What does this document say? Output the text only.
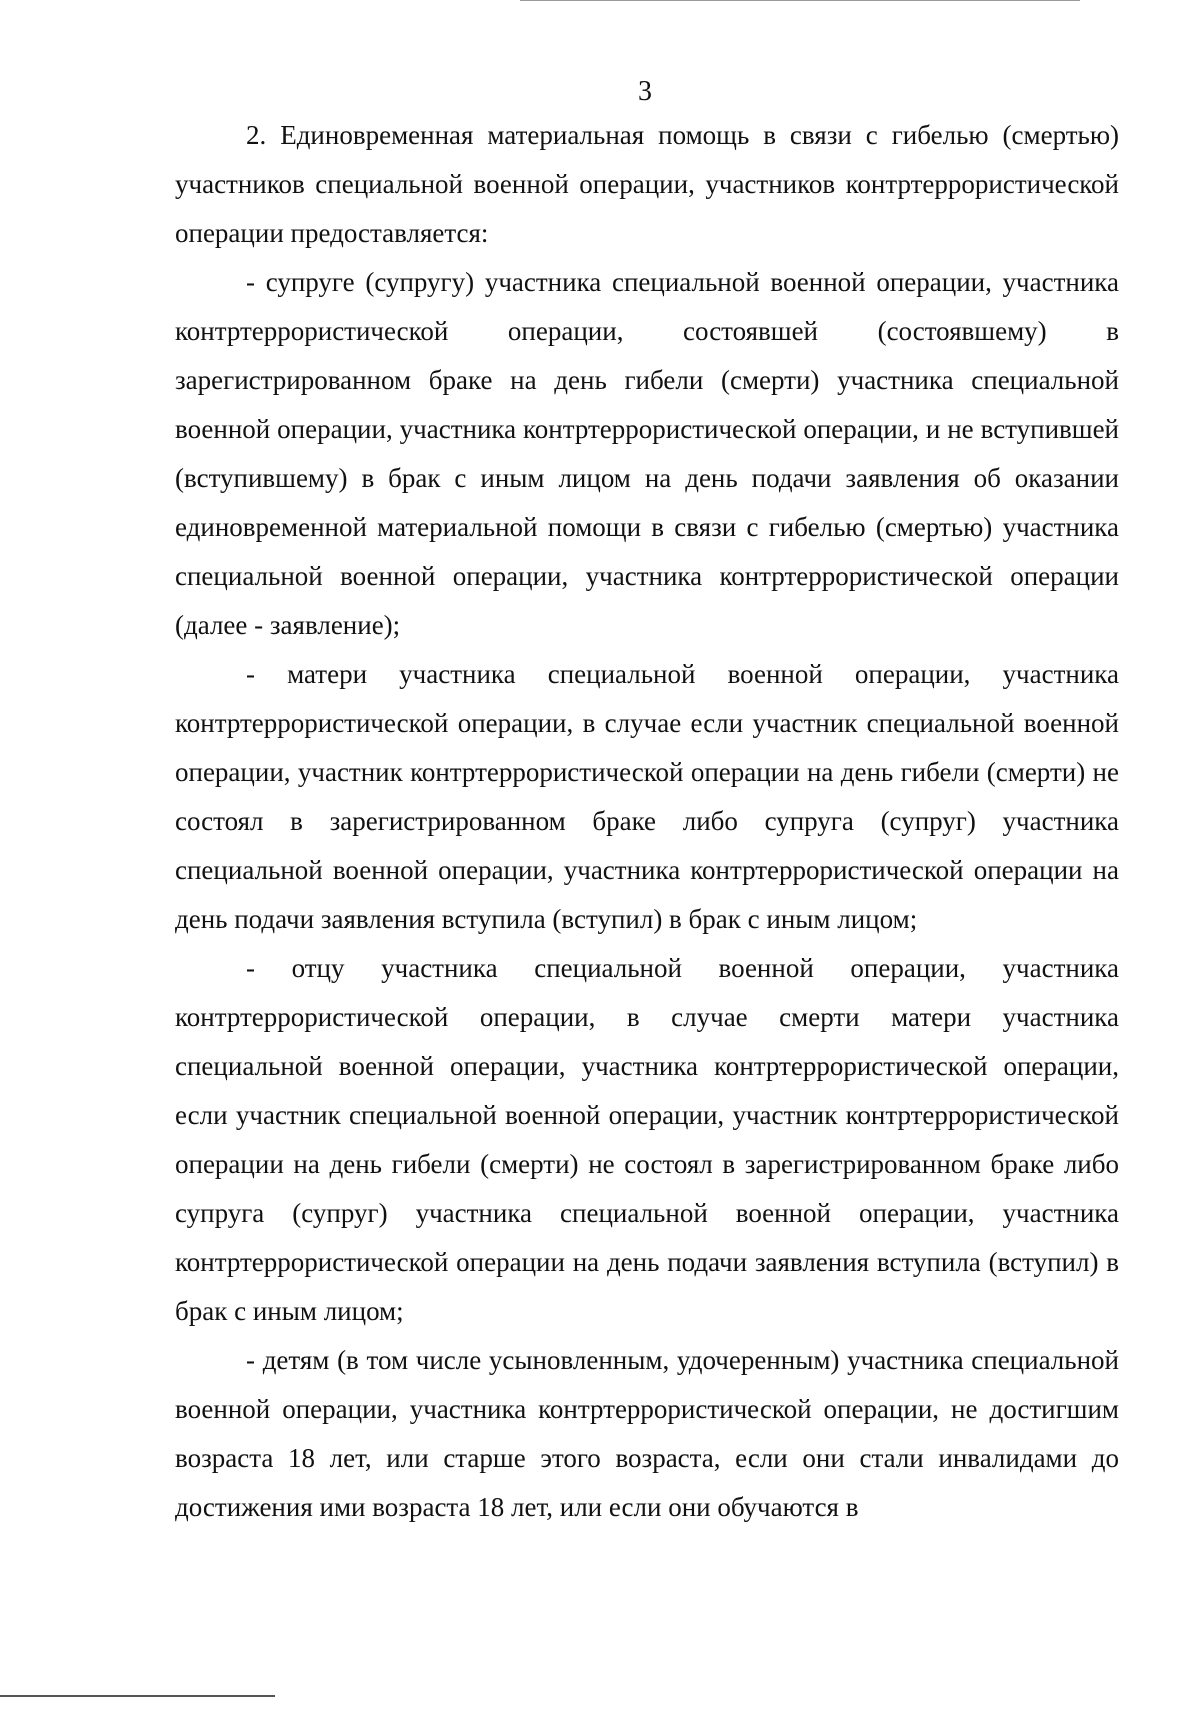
3

2. Единовременная материальная помощь в связи с гибелью (смертью) участников специальной военной операции, участников контртеррористической операции предоставляется:

- супруге (супругу) участника специальной военной операции, участника контртеррористической операции, состоявшей (состоявшему) в зарегистрированном браке на день гибели (смерти) участника специальной военной операции, участника контртеррористической операции, и не вступившей (вступившему) в брак с иным лицом на день подачи заявления об оказании единовременной материальной помощи в связи с гибелью (смертью) участника специальной военной операции, участника контртеррористической операции (далее - заявление);

- матери участника специальной военной операции, участника контртеррористической операции, в случае если участник специальной военной операции, участник контртеррористической операции на день гибели (смерти) не состоял в зарегистрированном браке либо супруга (супруг) участника специальной военной операции, участника контртеррористической операции на день подачи заявления вступила (вступил) в брак с иным лицом;

- отцу участника специальной военной операции, участника контртеррористической операции, в случае смерти матери участника специальной военной операции, участника контртеррористической операции, если участник специальной военной операции, участник контртеррористической операции на день гибели (смерти) не состоял в зарегистрированном браке либо супруга (супруг) участника специальной военной операции, участника контртеррористической операции на день подачи заявления вступила (вступил) в брак с иным лицом;

- детям (в том числе усыновленным, удочеренным) участника специальной военной операции, участника контртеррористической операции, не достигшим возраста 18 лет, или старше этого возраста, если они стали инвалидами до достижения ими возраста 18 лет, или если они обучаются в
